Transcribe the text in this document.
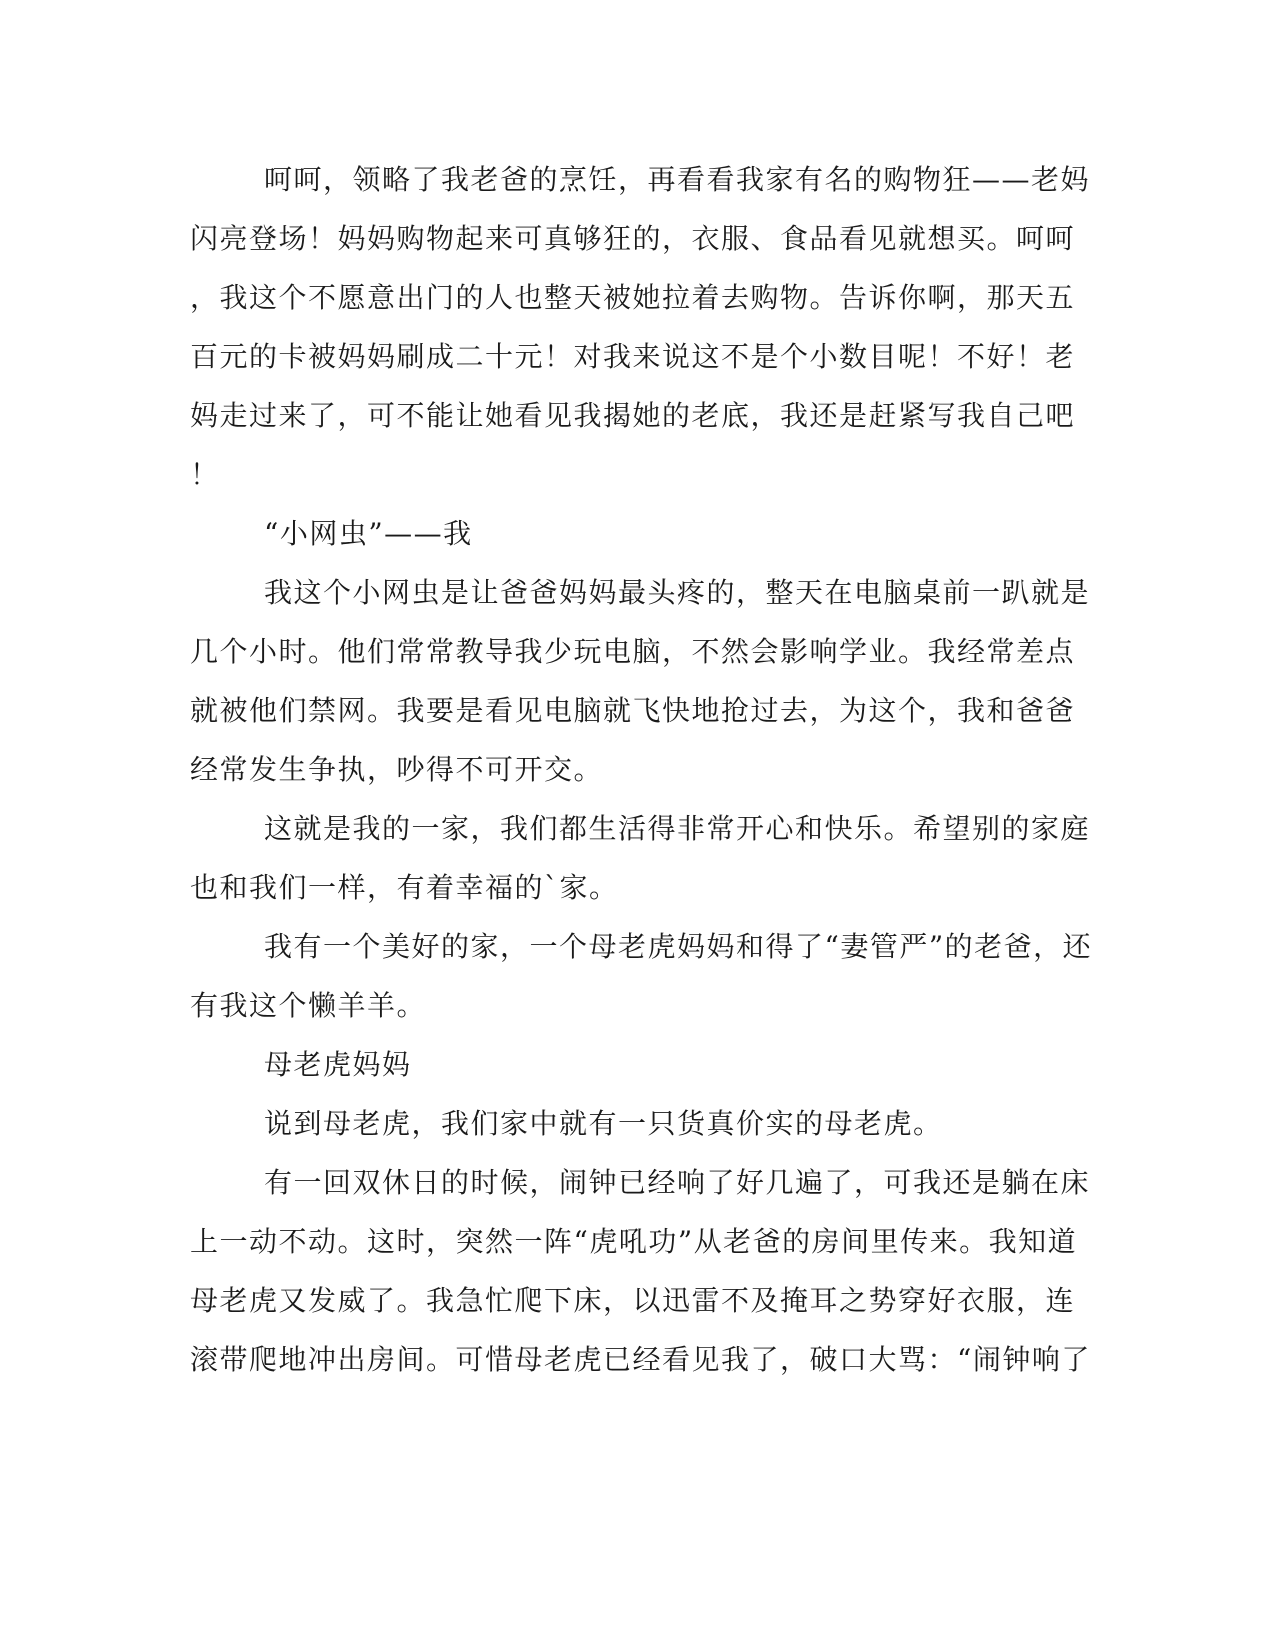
呵呵，领略了我老爸的烹饪，再看看我家有名的购物狂——老妈
闪亮登场！妈妈购物起来可真够狂的，衣服、食品看见就想买。呵呵
，我这个不愿意出门的人也整天被她拉着去购物。告诉你啊，那天五
百元的卡被妈妈刷成二十元！对我来说这不是个小数目呢！不好！老
妈走过来了，可不能让她看见我揭她的老底，我还是赶紧写我自己吧
！
“小网虫”——我
我这个小网虫是让爸爸妈妈最头疼的，整天在电脑桌前一趴就是
几个小时。他们常常教导我少玩电脑，不然会影响学业。我经常差点
就被他们禁网。我要是看见电脑就飞快地抢过去，为这个，我和爸爸
经常发生争执，吵得不可开交。
这就是我的一家，我们都生活得非常开心和快乐。希望别的家庭
也和我们一样，有着幸福的`家。
我有一个美好的家，一个母老虎妈妈和得了“妻管严”的老爸，还
有我这个懒羊羊。
母老虎妈妈
说到母老虎，我们家中就有一只货真价实的母老虎。
有一回双休日的时候，闹钟已经响了好几遍了，可我还是躺在床
上一动不动。这时，突然一阵“虎吼功”从老爸的房间里传来。我知道
母老虎又发威了。我急忙爬下床，以迅雷不及掩耳之势穿好衣服，连
滚带爬地冲出房间。可惜母老虎已经看见我了，破口大骂：“闹钟响了
